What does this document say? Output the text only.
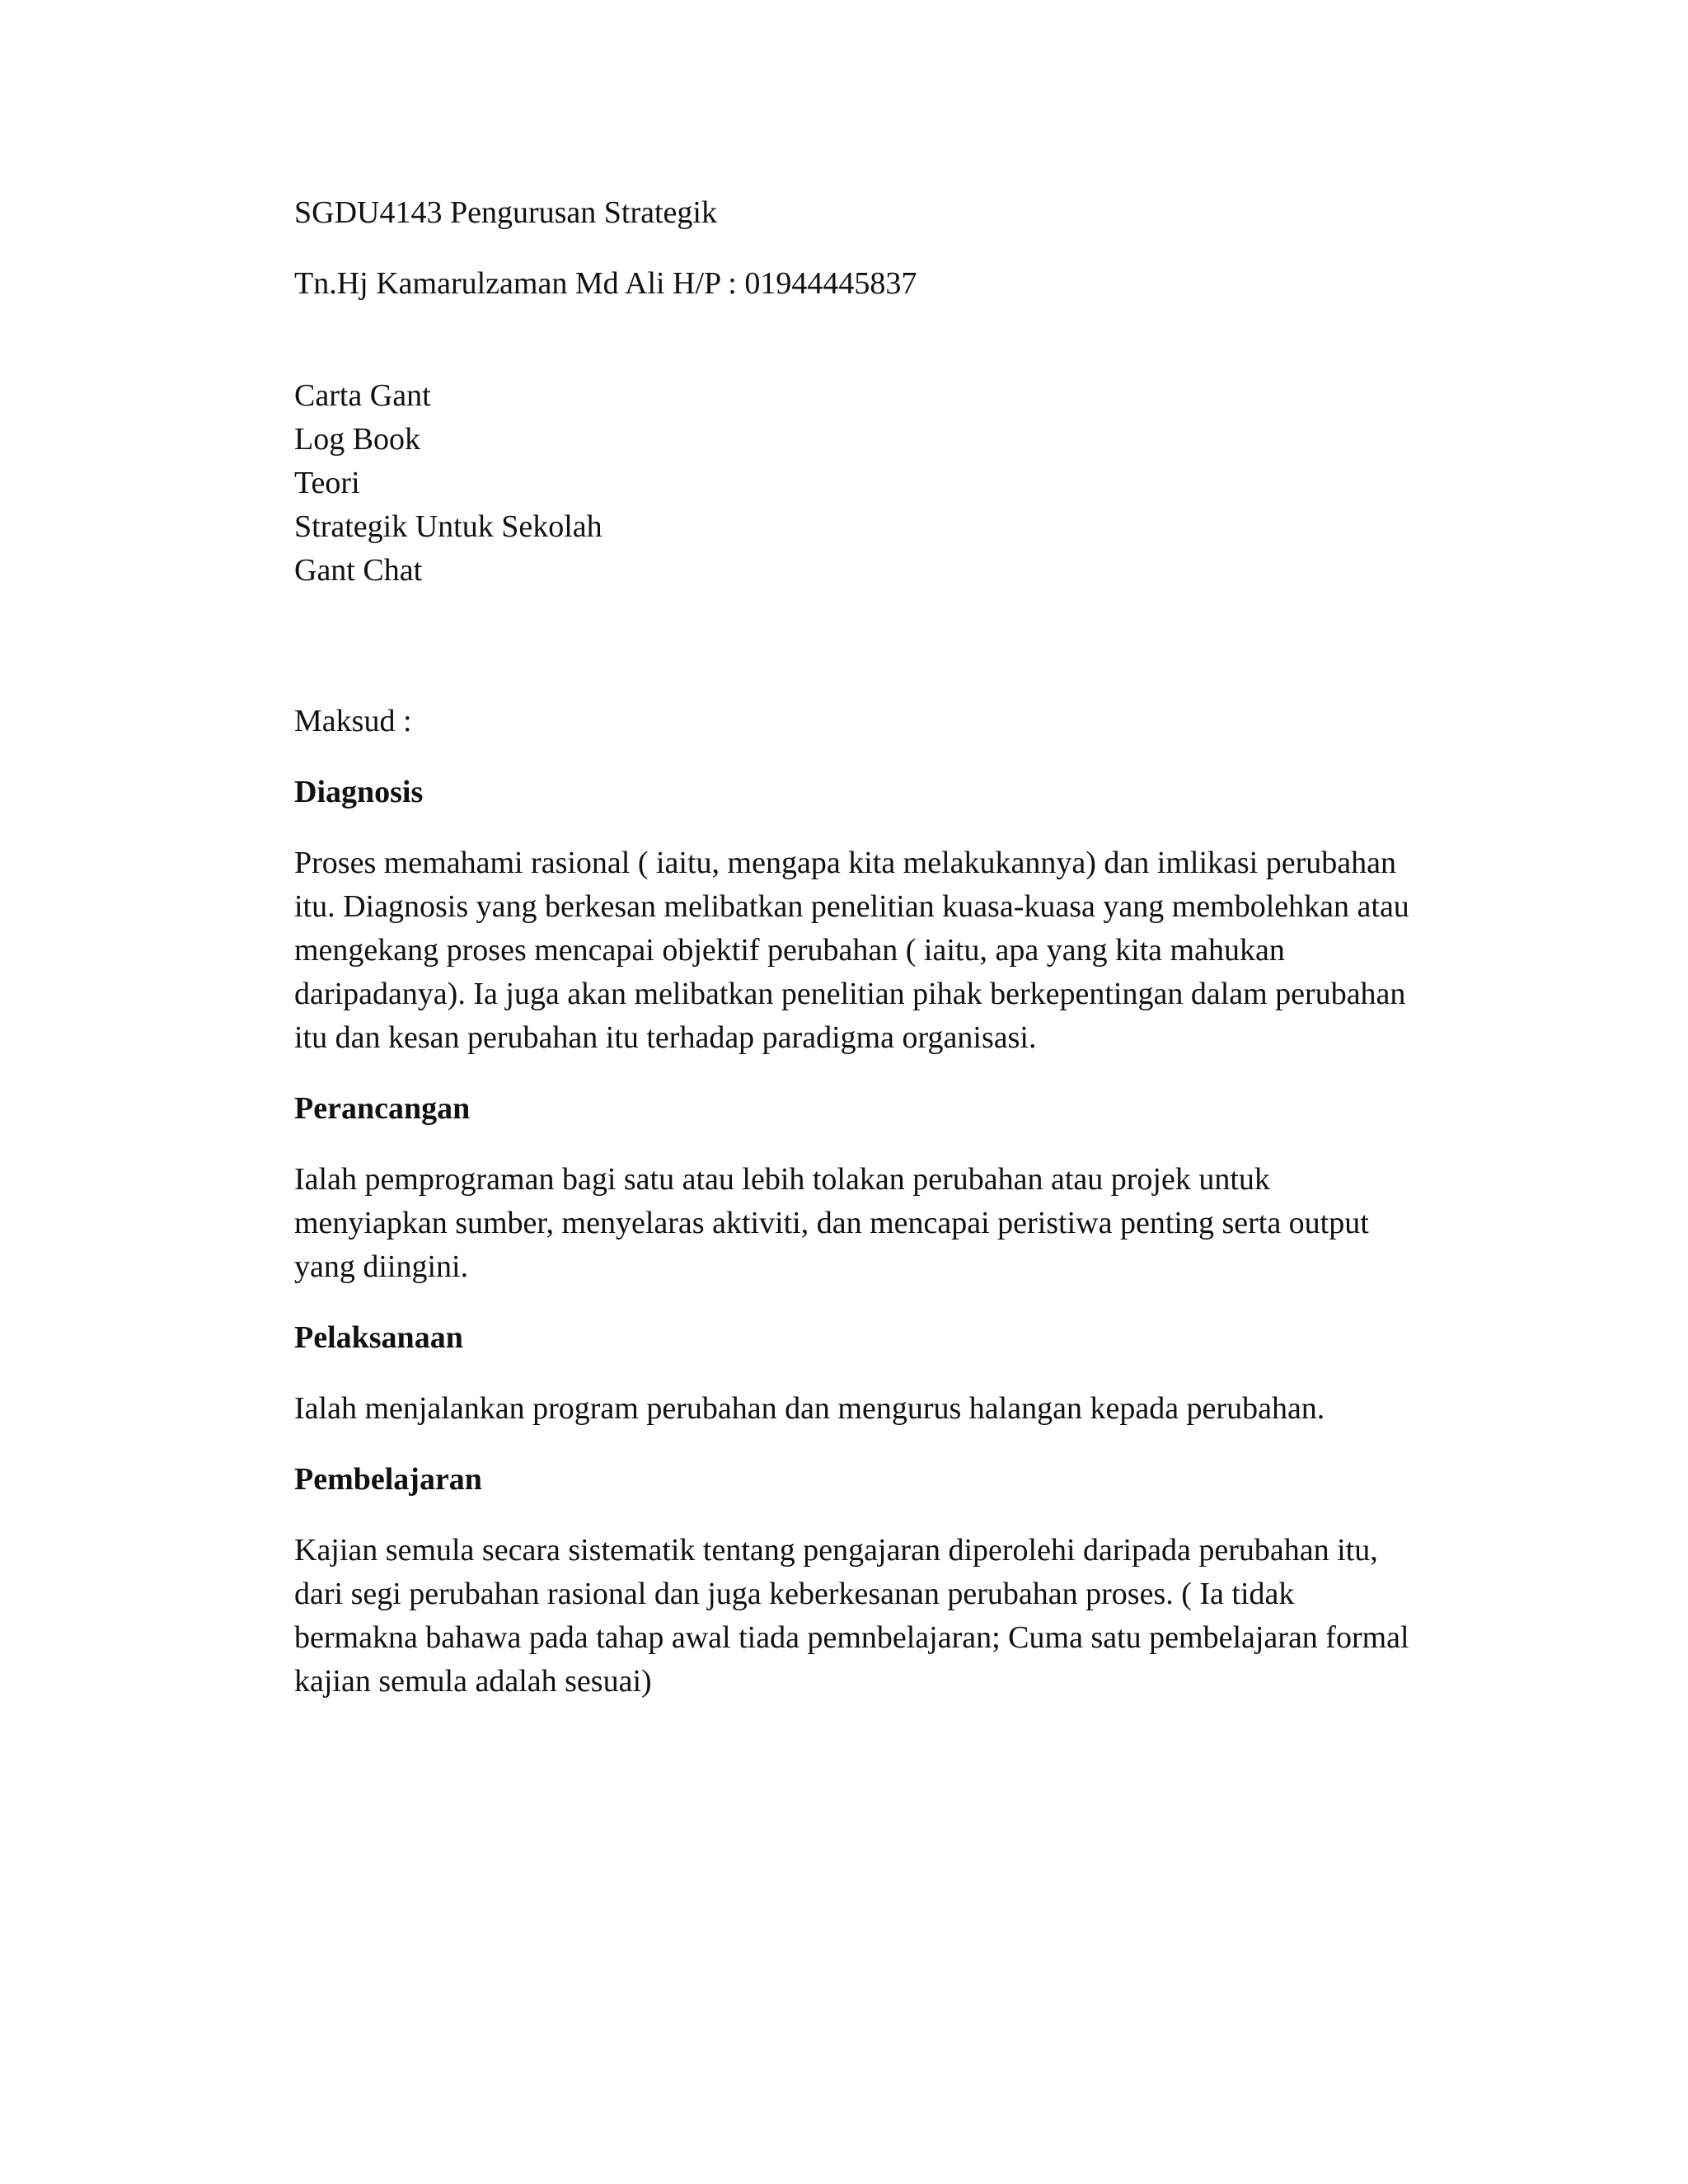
SGDU4143 Pengurusan Strategik
Tn.Hj Kamarulzaman Md Ali H/P : 01944445837
Carta Gant
Log Book
Teori
Strategik Untuk Sekolah
Gant Chat
Maksud :
Diagnosis
Proses memahami rasional ( iaitu, mengapa kita melakukannya) dan imlikasi perubahan
itu. Diagnosis yang berkesan melibatkan penelitian kuasa-kuasa yang membolehkan atau
mengekang proses mencapai objektif perubahan ( iaitu, apa yang kita mahukan
daripadanya). Ia juga akan melibatkan penelitian pihak berkepentingan dalam perubahan
itu dan kesan perubahan itu terhadap paradigma organisasi.
Perancangan
Ialah pemprograman bagi satu atau lebih tolakan perubahan atau projek untuk
menyiapkan sumber, menyelaras aktiviti, dan mencapai peristiwa penting serta output
yang diingini.
Pelaksanaan
Ialah menjalankan program perubahan dan mengurus halangan kepada perubahan.
Pembelajaran
Kajian semula secara sistematik tentang pengajaran diperolehi daripada perubahan itu,
dari segi perubahan rasional dan juga keberkesanan perubahan proses. ( Ia tidak
bermakna bahawa pada tahap awal tiada pemnbelajaran; Cuma satu pembelajaran formal
kajian semula adalah sesuai)
